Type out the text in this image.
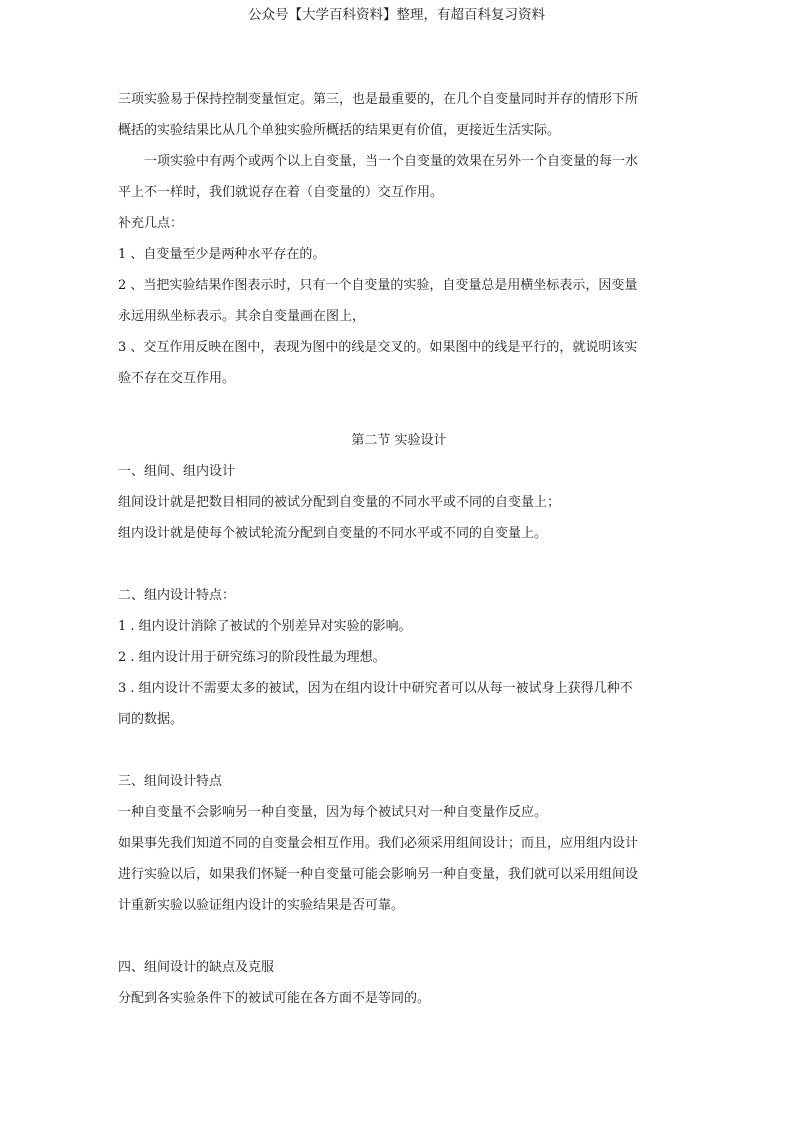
公众号【大学百科资料】整理，有超百科复习资料

三项实验易于保持控制变量恒定。第三，也是最重要的，在几个自变量同时并存的情形下所

概括的实验结果比从几个单独实验所概括的结果更有价值，更接近生活实际。

一项实验中有两个或两个以上自变量，当一个自变量的效果在另外一个自变量的每一水

平上不一样时，我们就说存在着（自变量的）交互作用。

补充几点：

1 、自变量至少是两种水平存在的。

2 、当把实验结果作图表示时，只有一个自变量的实验，自变量总是用横坐标表示，因变量

永远用纵坐标表示。其余自变量画在图上，

3 、交互作用反映在图中，表现为图中的线是交叉的。如果图中的线是平行的，就说明该实

验不存在交互作用。

第二节 实验设计

一、组间、组内设计

组间设计就是把数目相同的被试分配到自变量的不同水平或不同的自变量上；

组内设计就是使每个被试轮流分配到自变量的不同水平或不同的自变量上。

二、组内设计特点：

1 . 组内设计消除了被试的个别差异对实验的影响。

2 . 组内设计用于研究练习的阶段性最为理想。

3 . 组内设计不需要太多的被试，因为在组内设计中研究者可以从每一被试身上获得几种不

同的数据。

三、组间设计特点

一种自变量不会影响另一种自变量，因为每个被试只对一种自变量作反应。

如果事先我们知道不同的自变量会相互作用。我们必须采用组间设计；而且，应用组内设计

进行实验以后，如果我们怀疑一种自变量可能会影响另一种自变量，我们就可以采用组间设

计重新实验以验证组内设计的实验结果是否可靠。

四、组间设计的缺点及克服

分配到各实验条件下的被试可能在各方面不是等同的。
